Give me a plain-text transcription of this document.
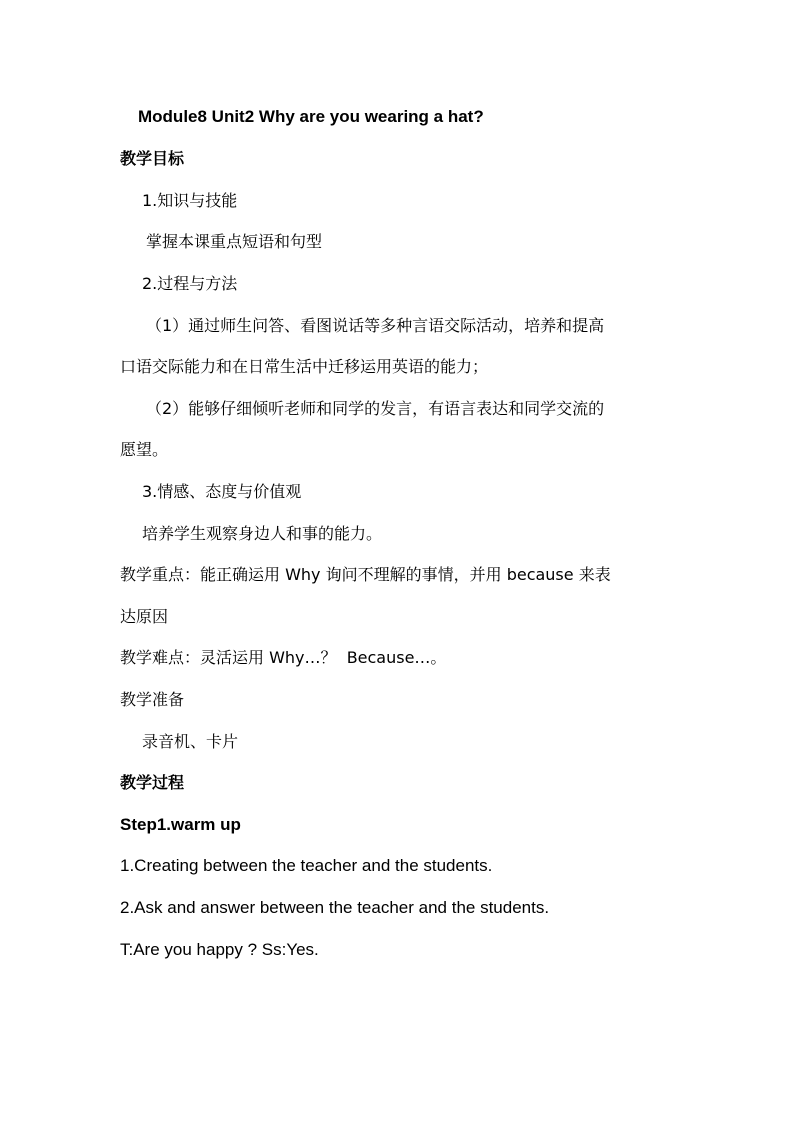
Module8 Unit2 Why are you wearing a hat?
教学目标
1.知识与技能
掌握本课重点短语和句型
2.过程与方法
（1）通过师生问答、看图说话等多种言语交际活动，培养和提高
口语交际能力和在日常生活中迁移运用英语的能力；
（2）能够仔细倾听老师和同学的发言，有语言表达和同学交流的
愿望。
3.情感、态度与价值观
培养学生观察身边人和事的能力。
教学重点：能正确运用 Why 询问不理解的事情，并用 because 来表
达原因
教学难点：灵活运用 Why…？  Because…。
教学准备
录音机、卡片
教学过程
Step1.warm up
1.Creating between the teacher and the students.
2.Ask and answer between the teacher and the students.
T:Are you happy ? Ss:Yes.
